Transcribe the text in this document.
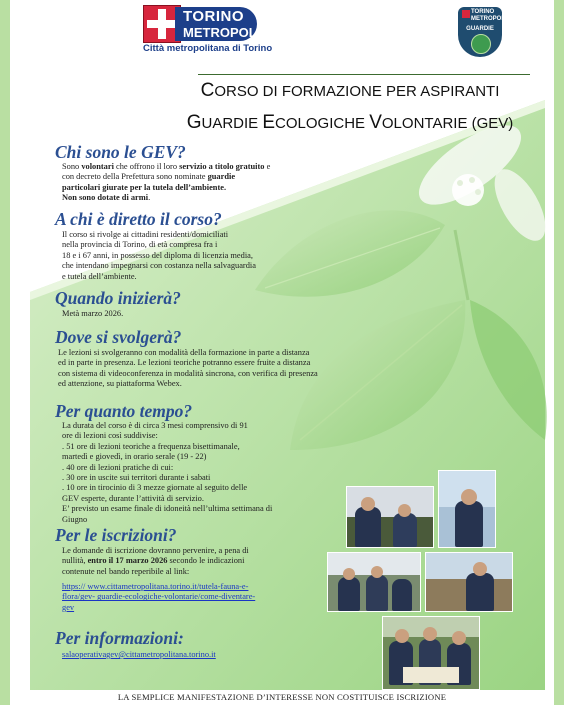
TORINO
METROPOLI
Città metropolitana di Torino
TORINO
METROPOLI
GUARDIE
CORSO DI FORMAZIONE PER ASPIRANTI
GUARDIE ECOLOGICHE VOLONTARIE (GEV)
Chi sono le GEV?
Sono volontari che offrono il loro servizio a titolo gratuito e
con decreto della Prefettura sono nominate guardie
particolari giurate per la tutela dell’ambiente.
Non sono dotate di armi.
A chi è diretto il corso?
Il corso si rivolge ai cittadini residenti/domiciliati
nella provincia di Torino, di età compresa fra i
18 e i 67 anni, in possesso del diploma di licenzia media,
che intendano impegnarsi con costanza nella salvaguardia
e tutela dell’ambiente.
Quando inizierà?
Metà marzo 2026.
Dove si svolgerà?
Le lezioni si svolgeranno con modalità della formazione in parte a distanza
ed in parte in presenza. Le lezioni teoriche potranno essere fruite a distanza
con sistema di videoconferenza in modalità sincrona, con verifica di presenza
ed attenzione, su piattaforma Webex.
Per quanto tempo?
La durata del corso è di circa 3 mesi comprensivo di 91
ore di lezioni così suddivise:
. 51 ore di lezioni teoriche a frequenza bisettimanale,
martedì e giovedì, in orario serale (19 - 22)
. 40 ore di lezioni pratiche di cui:
. 30 ore in uscite sui territori durante i sabati
. 10 ore in tirocinio di 3 mezze giornate al seguito delle
GEV esperte, durante l’attività di servizio.
E’ previsto un esame finale di idoneità nell’ultima settimana di
Giugno
Per le iscrizioni?
Le domande di iscrizione dovranno pervenire, a pena di
nullità, entro il 17 marzo 2026 secondo le indicazioni
contenute nel bando reperibile al link:
https:// www.cittametropolitana.torino.it/tutela-fauna-e-
flora/gev- guardie-ecologiche-volontarie/come-diventare-
gev
Per informazioni:
salaoperativagev@cittametropolitana.torino.it
LA SEMPLICE MANIFESTAZIONE D’INTERESSE NON COSTITUISCE ISCRIZIONE
